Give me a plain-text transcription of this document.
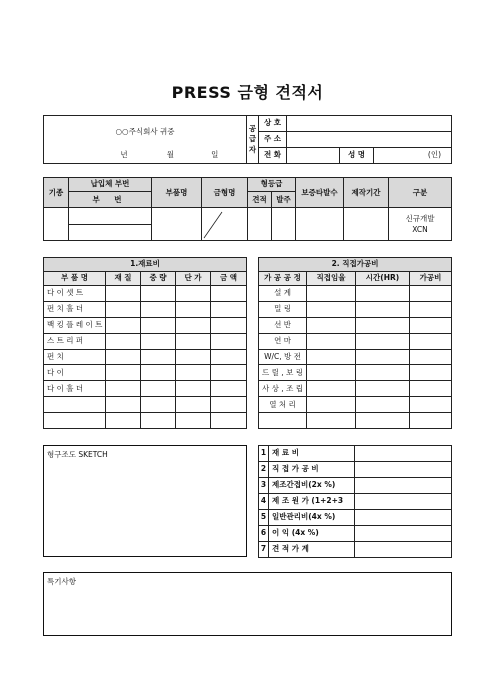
PRESS 금형 견적서
○○주식회사 귀중	공
급
자	상 호			
		주 소			
년 월 일		전 화		성 명	(인)
기종	납입체 부번	부품명	금형명	형등급		보증타발수	제작기간	구분
	부 번			견적	발주			

					신규개발
XCN

1.재료비				
부 품 명	재 질	중 량	단 가	금 액
다 이 셋 트				
펀 치 홀 더				
백 킹 플 레 이 트				
스 트 리 퍼				
펀 치				
다 이				
다 이 홀 더				

2. 직접가공비			
가 공 공 정	직접임율	시간(HR)	가공비
설 계			
밀 링			
선 반			
연 마			
W/C, 방 전			
드 릴 , 보 링			
사 상 , 조 립			
열 처 리			

형구조도 SKETCH	1	재 료 비	
2	직 접 가 공 비	
3	제조간접비(2x %)	
4	제 조 원 가 (1+2+3	
5	일반관리비(4x %)	
6	이 익 (4x %)	
7	견 적 가 계	
특기사항
